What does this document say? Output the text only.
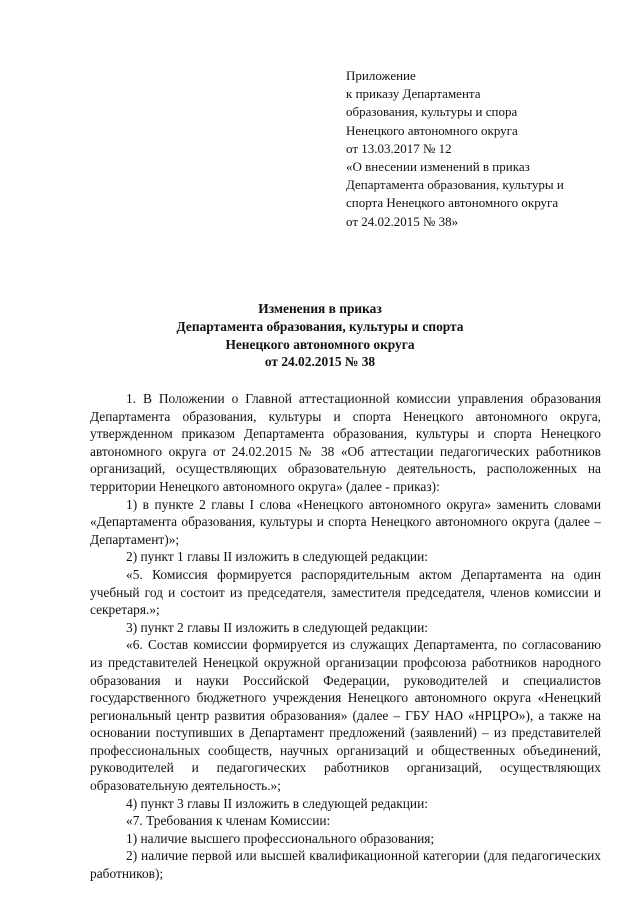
Приложение
к приказу Департамента
образования, культуры и спора
Ненецкого автономного округа
от 13.03.2017 № 12
«О внесении изменений в приказ
Департамента образования, культуры и
спорта Ненецкого автономного округа
от 24.02.2015 № 38»
Изменения в приказ
Департамента образования, культуры и спорта
Ненецкого автономного округа
от 24.02.2015 № 38

1. В Положении о Главной аттестационной комиссии управления образования Департамента образования, культуры и спорта Ненецкого автономного округа, утвержденном приказом Департамента образования, культуры и спорта Ненецкого автономного округа от 24.02.2015 № 38 «Об аттестации педагогических работников организаций, осуществляющих образовательную деятельность, расположенных на территории Ненецкого автономного округа» (далее - приказ):

1) в пункте 2 главы I слова «Ненецкого автономного округа» заменить словами «Департамента образования, культуры и спорта Ненецкого автономного округа (далее – Департамент)»;

2) пункт 1 главы II изложить в следующей редакции:

«5. Комиссия формируется распорядительным актом Департамента на один учебный год и состоит из председателя, заместителя председателя, членов комиссии и секретаря.»;

3) пункт 2 главы II изложить в следующей редакции:

«6. Состав комиссии формируется из служащих Департамента, по согласованию из представителей Ненецкой окружной организации профсоюза работников народного образования и науки Российской Федерации, руководителей и специалистов государственного бюджетного учреждения Ненецкого автономного округа «Ненецкий региональный центр развития образования» (далее – ГБУ НАО «НРЦРО»), а также на основании поступивших в Департамент предложений (заявлений) – из представителей профессиональных сообществ, научных организаций и общественных объединений, руководителей и педагогических работников организаций, осуществляющих образовательную деятельность.»;

4) пункт 3 главы II изложить в следующей редакции:

«7. Требования к членам Комиссии:

1) наличие высшего профессионального образования;

2) наличие первой или высшей квалификационной категории (для педагогических работников);
